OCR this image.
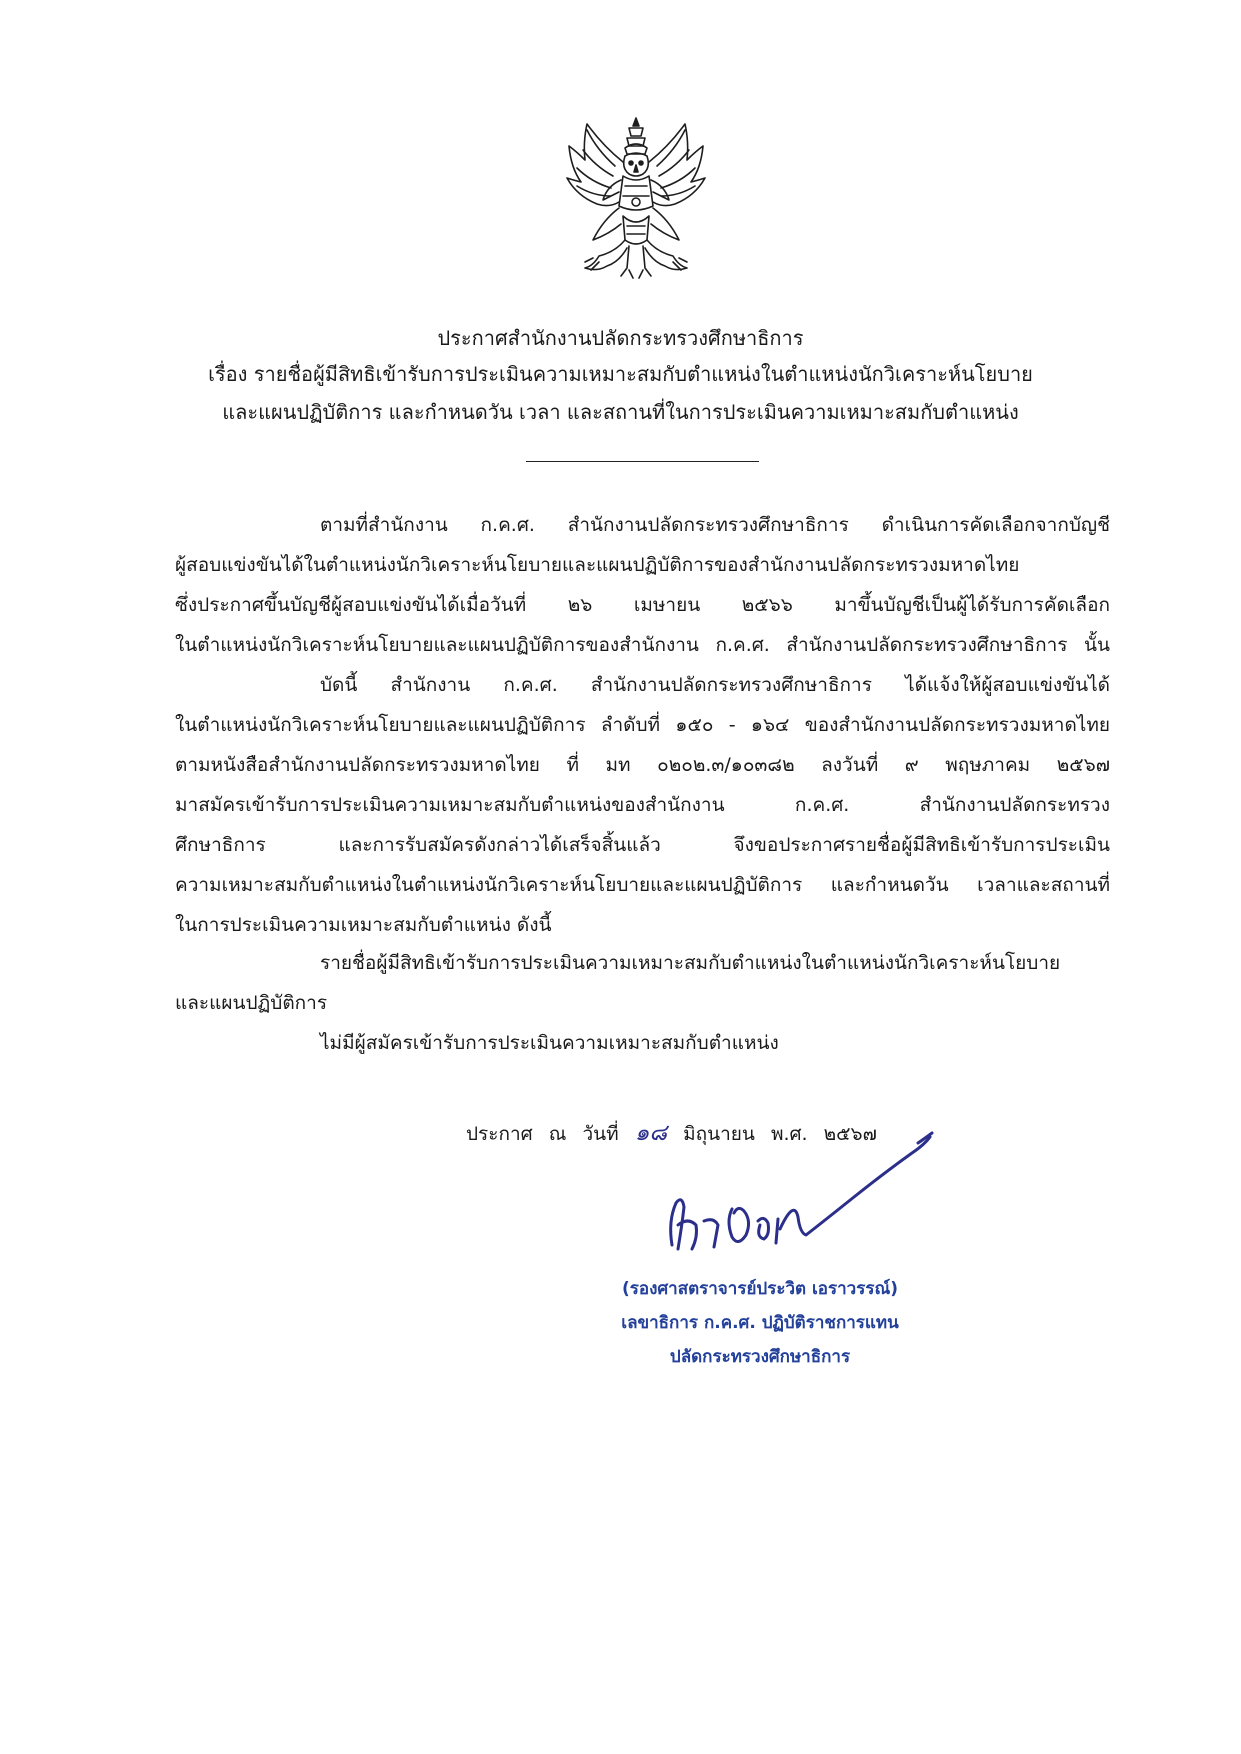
ประกาศสำนักงานปลัดกระทรวงศึกษาธิการ
เรื่อง รายชื่อผู้มีสิทธิเข้ารับการประเมินความเหมาะสมกับตำแหน่งในตำแหน่งนักวิเคราะห์นโยบาย
และแผนปฏิบัติการ และกำหนดวัน เวลา และสถานที่ในการประเมินความเหมาะสมกับตำแหน่ง
ตามที่สำนักงาน ก.ค.ศ. สำนักงานปลัดกระทรวงศึกษาธิการ ดำเนินการคัดเลือกจากบัญชี
ผู้สอบแข่งขันได้ในตำแหน่งนักวิเคราะห์นโยบายและแผนปฏิบัติการของสำนักงานปลัดกระทรวงมหาดไทย
ซึ่งประกาศขึ้นบัญชีผู้สอบแข่งขันได้เมื่อวันที่ ๒๖ เมษายน ๒๕๖๖ มาขึ้นบัญชีเป็นผู้ได้รับการคัดเลือก
ในตำแหน่งนักวิเคราะห์นโยบายและแผนปฏิบัติการของสำนักงาน ก.ค.ศ. สำนักงานปลัดกระทรวงศึกษาธิการ นั้น
บัดนี้ สำนักงาน ก.ค.ศ. สำนักงานปลัดกระทรวงศึกษาธิการ ได้แจ้งให้ผู้สอบแข่งขันได้
ในตำแหน่งนักวิเคราะห์นโยบายและแผนปฏิบัติการ ลำดับที่ ๑๕๐ - ๑๖๔ ของสำนักงานปลัดกระทรวงมหาดไทย
ตามหนังสือสำนักงานปลัดกระทรวงมหาดไทย ที่ มท ๐๒๐๒.๓/๑๐๓๘๒ ลงวันที่ ๙ พฤษภาคม ๒๕๖๗
มาสมัครเข้ารับการประเมินความเหมาะสมกับตำแหน่งของสำนักงาน ก.ค.ศ. สำนักงานปลัดกระทรวง
ศึกษาธิการ และการรับสมัครดังกล่าวได้เสร็จสิ้นแล้ว จึงขอประกาศรายชื่อผู้มีสิทธิเข้ารับการประเมิน
ความเหมาะสมกับตำแหน่งในตำแหน่งนักวิเคราะห์นโยบายและแผนปฏิบัติการ และกำหนดวัน เวลาและสถานที่
ในการประเมินความเหมาะสมกับตำแหน่ง ดังนี้
รายชื่อผู้มีสิทธิเข้ารับการประเมินความเหมาะสมกับตำแหน่งในตำแหน่งนักวิเคราะห์นโยบาย
และแผนปฏิบัติการ
ไม่มีผู้สมัครเข้ารับการประเมินความเหมาะสมกับตำแหน่ง
ประกาศ ณ วันที่ ๑๘ มิถุนายน พ.ศ. ๒๕๖๗
(รองศาสตราจารย์ประวิต เอราวรรณ์)
เลขาธิการ ก.ค.ศ. ปฏิบัติราชการแทน
ปลัดกระทรวงศึกษาธิการ
